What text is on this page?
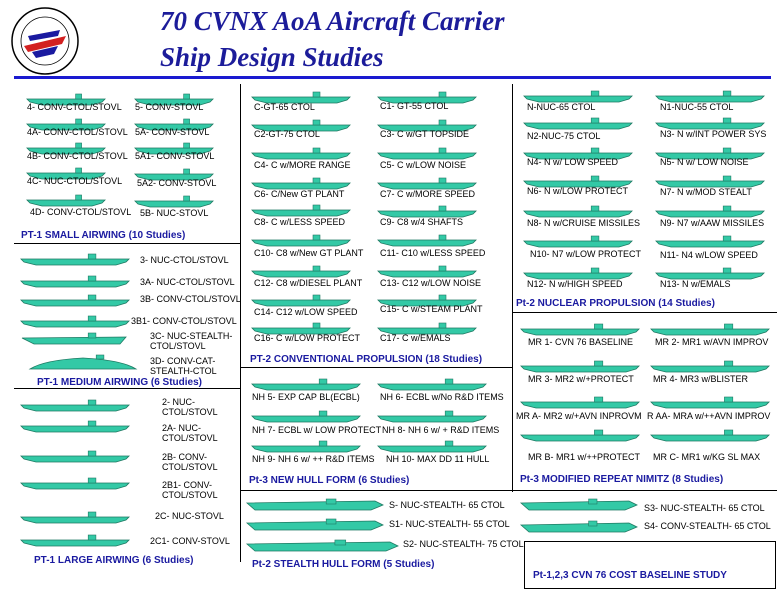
70 CVNX AoA Aircraft Carrier
Ship Design Studies
PT-1 SMALL AIRWING (10 Studies)
PT-1 MEDIUM AIRWING (6 Studies)
PT-1 LARGE AIRWING (6 Studies)
PT-2 CONVENTIONAL PROPULSION (18 Studies)
Pt-2 NUCLEAR PROPULSION (14 Studies)
Pt-3 NEW HULL FORM (6 Studies)	Pt-3 MODIFIED REPEAT NIMITZ (8 Studies)
Pt-2 STEALTH HULL FORM (5 Studies)
Pt-1,2,3 CVN 76 COST BASELINE STUDY
4- CONV-CTOL/STOVL 5- CONV-STOVL
4A- CONV-CTOL/STOVL 5A- CONV-STOVL
4B- CONV-CTOL/STOVL 5A1- CONV-STOVL
4C- NUC-CTOL/STOVL 5A2- CONV-STOVL
4D- CONV-CTOL/STOVL 5B- NUC-STOVL
3- NUC-CTOL/STOVL
3A- NUC-CTOL/STOVL
3B- CONV-CTOL/STOVL
3B1- CONV-CTOL/STOVL
3C- NUC-STEALTH-
CTOL/STOVL
3D- CONV-CAT-
STEALTH-CTOL
2- NUC-
CTOL/STOVL
2A- NUC-
CTOL/STOVL
2B- CONV-
CTOL/STOVL
2B1- CONV-
CTOL/STOVL
2C- NUC-STOVL
2C1- CONV-STOVL
C-GT-65 CTOL	C1- GT-55 CTOL
C2-GT-75 CTOL	C3- C w/GT TOPSIDE
C4- C w/MORE RANGE	C5- C w/LOW NOISE
C6- C/New GT PLANT	C7- C w/MORE SPEED
C8- C w/LESS SPEED	C9- C8 w/4 SHAFTS
C10- C8 w/New GT PLANT C11- C10 w/LESS SPEED
C12- C8 w/DIESEL PLANT C13- C12 w/LOW NOISE
C14- C12 w/LOW SPEED C15- C w/STEAM PLANT
C16- C w/LOW PROTECT C17- C w/EMALS
N-NUC-65 CTOL	N1-NUC-55 CTOL
N2-NUC-75 CTOL	N3- N w/INT POWER SYS
N4- N w/ LOW SPEED	N5- N w/ LOW NOISE
N6- N w/LOW PROTECT	N7- N w/MOD STEALT
N8- N w/CRUISE MISSILES N9- N7 w/AAW MISSILES
N10- N7 w/LOW PROTECT N11- N4 w/LOW SPEED
N12- N w/HIGH SPEED	N13- N w/EMALS
MR 1- CVN 76 BASELINE MR 2- MR1 w/AVN IMPROV
MR 3- MR2 w/+PROTECT MR 4- MR3 w/BLISTER
MR A- MR2 w/+AVN INPROVM R AA- MRA w/++AVN IMPROV
MR B- MR1 w/++PROTECT MR C- MR1 w/KG SL MAX
NH 5- EXP CAP BL(ECBL) NH 6- ECBL w/No R&D ITEMS
NH 7- ECBL w/ LOW PROTECT NH 8- NH 6 w/ + R&D ITEMS
NH 9- NH 6 w/ ++ R&D ITEMS NH 10- MAX DD 11 HULL
S- NUC-STEALTH- 65 CTOL	S3- NUC-STEALTH- 65 CTOL
S1- NUC-STEALTH- 55 CTOL	S4- CONV-STEALTH- 65 CTOL
S2- NUC-STEALTH- 75 CTOL
